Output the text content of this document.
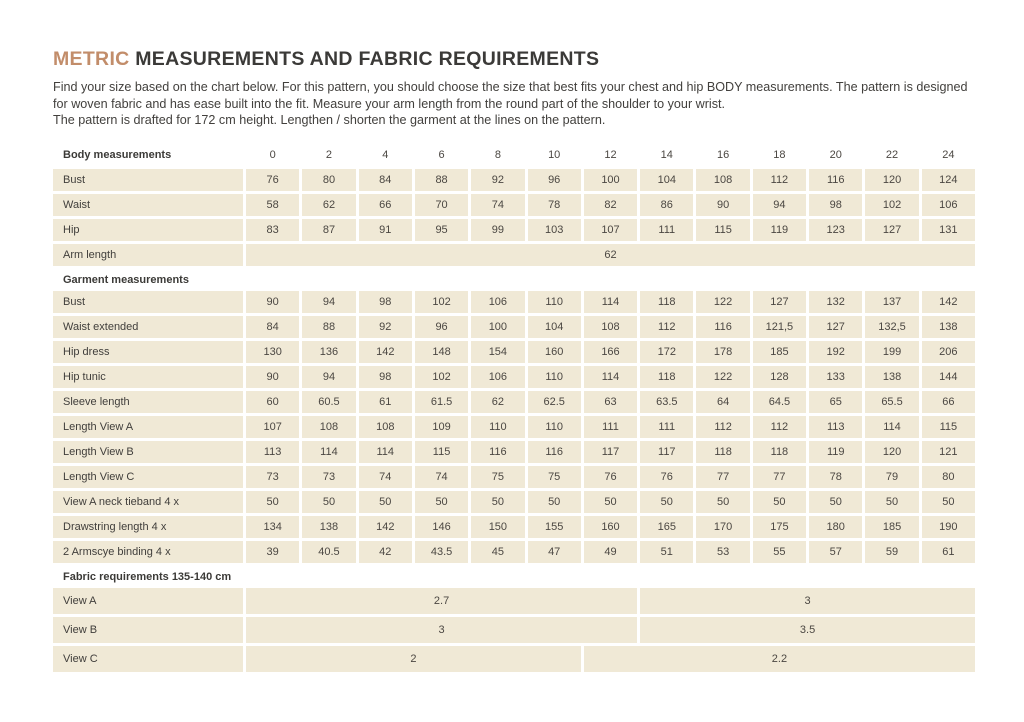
METRIC MEASUREMENTS AND FABRIC REQUIREMENTS

Find your size based on the chart below. For this pattern, you should choose the size that best fits your chest and hip BODY measurements. The pattern is designed for woven fabric and has ease built into the fit. Measure your arm length from the round part of the shoulder to your wrist.

The pattern is drafted for 172 cm height. Lengthen / shorten the garment at the lines on the pattern.

Body measurements	0	2	4	6	8	10	12	14	16	18	20	22	24
Bust	76	80	84	88	92	96	100	104	108	112	116	120	124
Waist	58	62	66	70	74	78	82	86	90	94	98	102	106
Hip	83	87	91	95	99	103	107	111	115	119	123	127	131
Arm length	62
Garment measurements
Bust	90	94	98	102	106	110	114	118	122	127	132	137	142
Waist extended	84	88	92	96	100	104	108	112	116	121,5	127	132,5	138
Hip dress	130	136	142	148	154	160	166	172	178	185	192	199	206
Hip tunic	90	94	98	102	106	110	114	118	122	128	133	138	144
Sleeve length	60	60.5	61	61.5	62	62.5	63	63.5	64	64.5	65	65.5	66
Length View A	107	108	108	109	110	110	111	111	112	112	113	114	115
Length View B	113	114	114	115	116	116	117	117	118	118	119	120	121
Length View C	73	73	74	74	75	75	76	76	77	77	78	79	80
View A neck tieband 4 x	50	50	50	50	50	50	50	50	50	50	50	50	50
Drawstring length 4 x	134	138	142	146	150	155	160	165	170	175	180	185	190
2 Armscye binding 4 x	39	40.5	42	43.5	45	47	49	51	53	55	57	59	61
Fabric requirements 135-140 cm
View A	2.7	3
View B	3	3.5
View C	2	2.2
